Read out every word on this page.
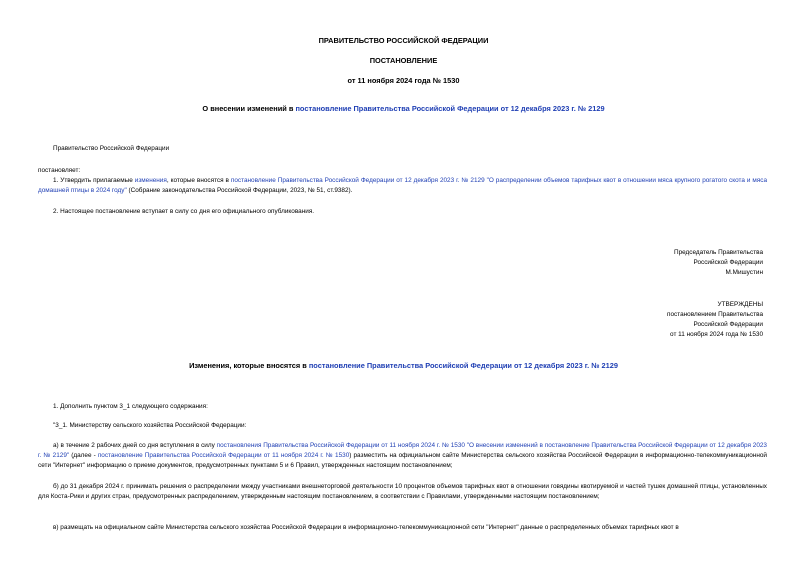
ПРАВИТЕЛЬСТВО РОССИЙСКОЙ ФЕДЕРАЦИИ
ПОСТАНОВЛЕНИЕ
от 11 ноября 2024 года № 1530
О внесении изменений в постановление Правительства Российской Федерации от 12 декабря 2023 г. № 2129
Правительство Российской Федерации
постановляет:
1. Утвердить прилагаемые изменения, которые вносятся в постановление Правительства Российской Федерации от 12 декабря 2023 г. № 2129 "О распределении объемов тарифных квот в отношении мяса крупного рогатого скота и мяса домашней птицы в 2024 году" (Собрание законодательства Российской Федерации, 2023, № 51, ст.9382).
2. Настоящее постановление вступает в силу со дня его официального опубликования.
Председатель Правительства
Российской Федерации
М.Мишустин
УТВЕРЖДЕНЫ
постановлением Правительства
Российской Федерации
от 11 ноября 2024 года № 1530
Изменения, которые вносятся в постановление Правительства Российской Федерации от 12 декабря 2023 г. № 2129
1. Дополнить пунктом 3_1 следующего содержания:
"3_1. Министерству сельского хозяйства Российской Федерации:
а) в течение 2 рабочих дней со дня вступления в силу постановления Правительства Российской Федерации от 11 ноября 2024 г. № 1530 "О внесении изменений в постановление Правительства Российской Федерации от 12 декабря 2023 г. № 2129" (далее - постановление Правительства Российской Федерации от 11 ноября 2024 г. № 1530) разместить на официальном сайте Министерства сельского хозяйства Российской Федерации в информационно-телекоммуникационной сети "Интернет" информацию о приеме документов, предусмотренных пунктами 5 и 6 Правил, утвержденных настоящим постановлением;
б) до 31 декабря 2024 г. принимать решения о распределении между участниками внешнеторговой деятельности 10 процентов объемов тарифных квот в отношении говядины квотируемой и частей тушек домашней птицы, установленных для Коста-Рики и других стран, предусмотренных распределением, утвержденным настоящим постановлением, в соответствии с Правилами, утвержденными настоящим постановлением;
в) размещать на официальном сайте Министерства сельского хозяйства Российской Федерации в информационно-телекоммуникационной сети "Интернет" данные о распределенных объемах тарифных квот в
